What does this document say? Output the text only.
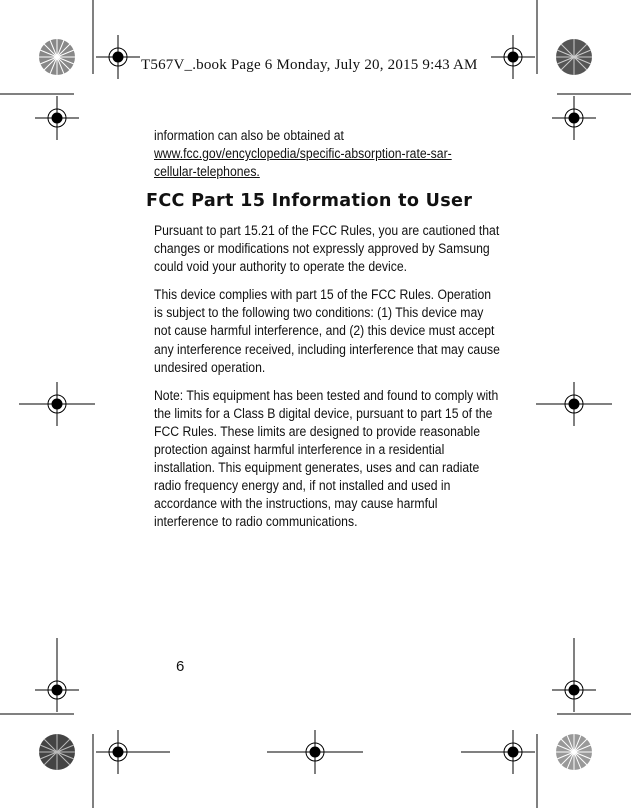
T567V_.book Page 6 Monday, July 20, 2015 9:43 AM

information can also be obtained at

www.fcc.gov/encyclopedia/specific-absorption-rate-sar-cellular-telephones.
FCC Part 15 Information to User

Pursuant to part 15.21 of the FCC Rules, you are cautioned that changes or modifications not expressly approved by Samsung could void your authority to operate the device.

This device complies with part 15 of the FCC Rules. Operation is subject to the following two conditions: (1) This device may not cause harmful interference, and (2) this device must accept any interference received, including interference that may cause undesired operation.

Note: This equipment has been tested and found to comply with the limits for a Class B digital device, pursuant to part 15 of the FCC Rules. These limits are designed to provide reasonable protection against harmful interference in a residential installation. This equipment generates, uses and can radiate radio frequency energy and, if not installed and used in accordance with the instructions, may cause harmful interference to radio communications.

6
